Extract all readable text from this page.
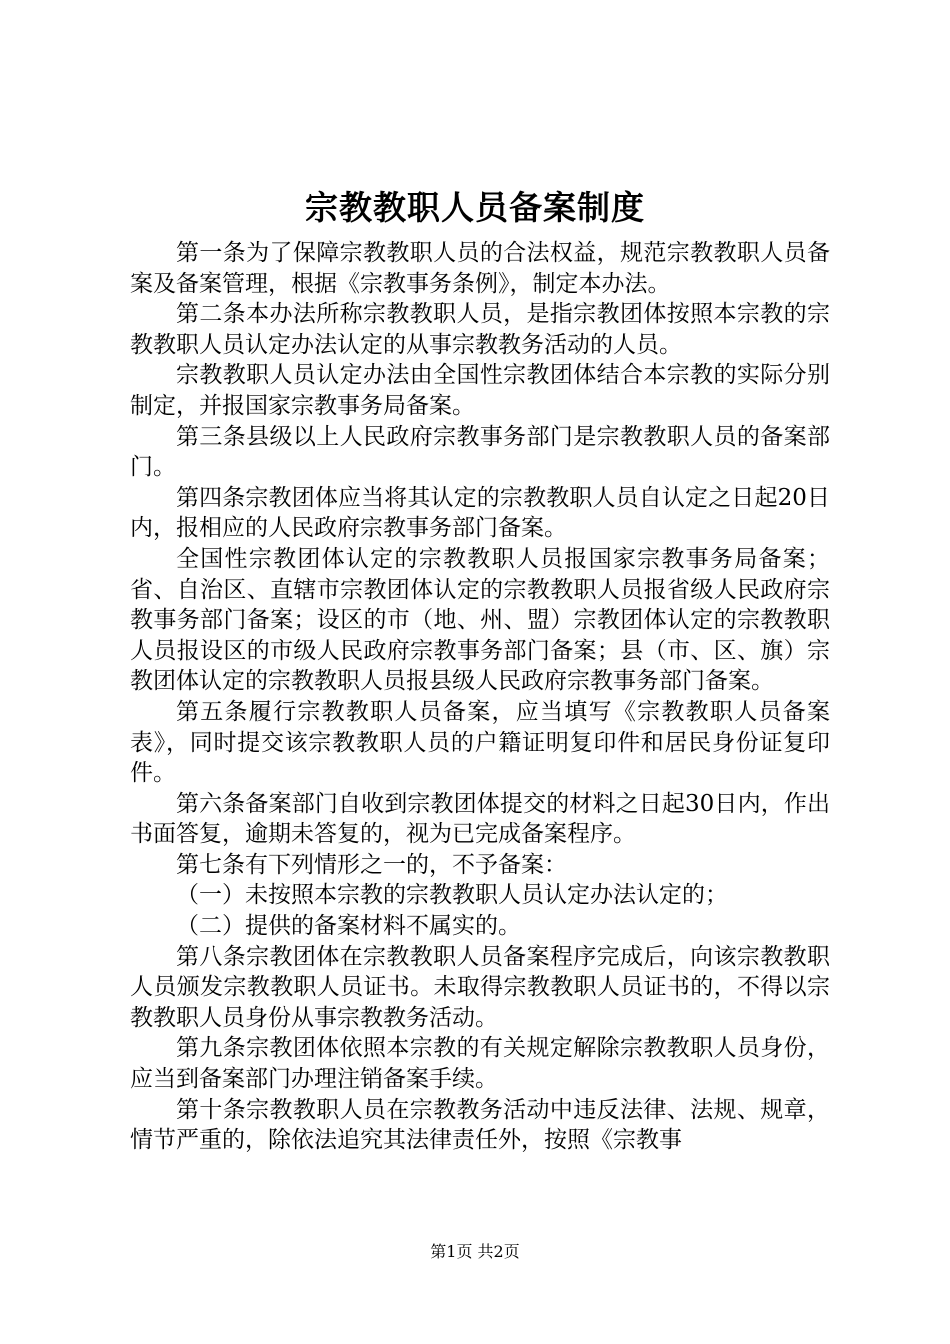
宗教教职人员备案制度

第一条为了保障宗教教职人员的合法权益，规范宗教教职人员备案及备案管理，根据《宗教事务条例》，制定本办法。

第二条本办法所称宗教教职人员，是指宗教团体按照本宗教的宗教教职人员认定办法认定的从事宗教教务活动的人员。

宗教教职人员认定办法由全国性宗教团体结合本宗教的实际分别制定，并报国家宗教事务局备案。

第三条县级以上人民政府宗教事务部门是宗教教职人员的备案部门。

第四条宗教团体应当将其认定的宗教教职人员自认定之日起20日内，报相应的人民政府宗教事务部门备案。

全国性宗教团体认定的宗教教职人员报国家宗教事务局备案；省、自治区、直辖市宗教团体认定的宗教教职人员报省级人民政府宗教事务部门备案；设区的市（地、州、盟）宗教团体认定的宗教教职人员报设区的市级人民政府宗教事务部门备案；县（市、区、旗）宗教团体认定的宗教教职人员报县级人民政府宗教事务部门备案。

第五条履行宗教教职人员备案，应当填写《宗教教职人员备案表》，同时提交该宗教教职人员的户籍证明复印件和居民身份证复印件。

第六条备案部门自收到宗教团体提交的材料之日起30日内，作出书面答复，逾期未答复的，视为已完成备案程序。

第七条有下列情形之一的，不予备案：

（一）未按照本宗教的宗教教职人员认定办法认定的；

（二）提供的备案材料不属实的。

第八条宗教团体在宗教教职人员备案程序完成后，向该宗教教职人员颁发宗教教职人员证书。未取得宗教教职人员证书的，不得以宗教教职人员身份从事宗教教务活动。

第九条宗教团体依照本宗教的有关规定解除宗教教职人员身份，应当到备案部门办理注销备案手续。

第十条宗教教职人员在宗教教务活动中违反法律、法规、规章，情节严重的，除依法追究其法律责任外，按照《宗教事

第1页 共2页
